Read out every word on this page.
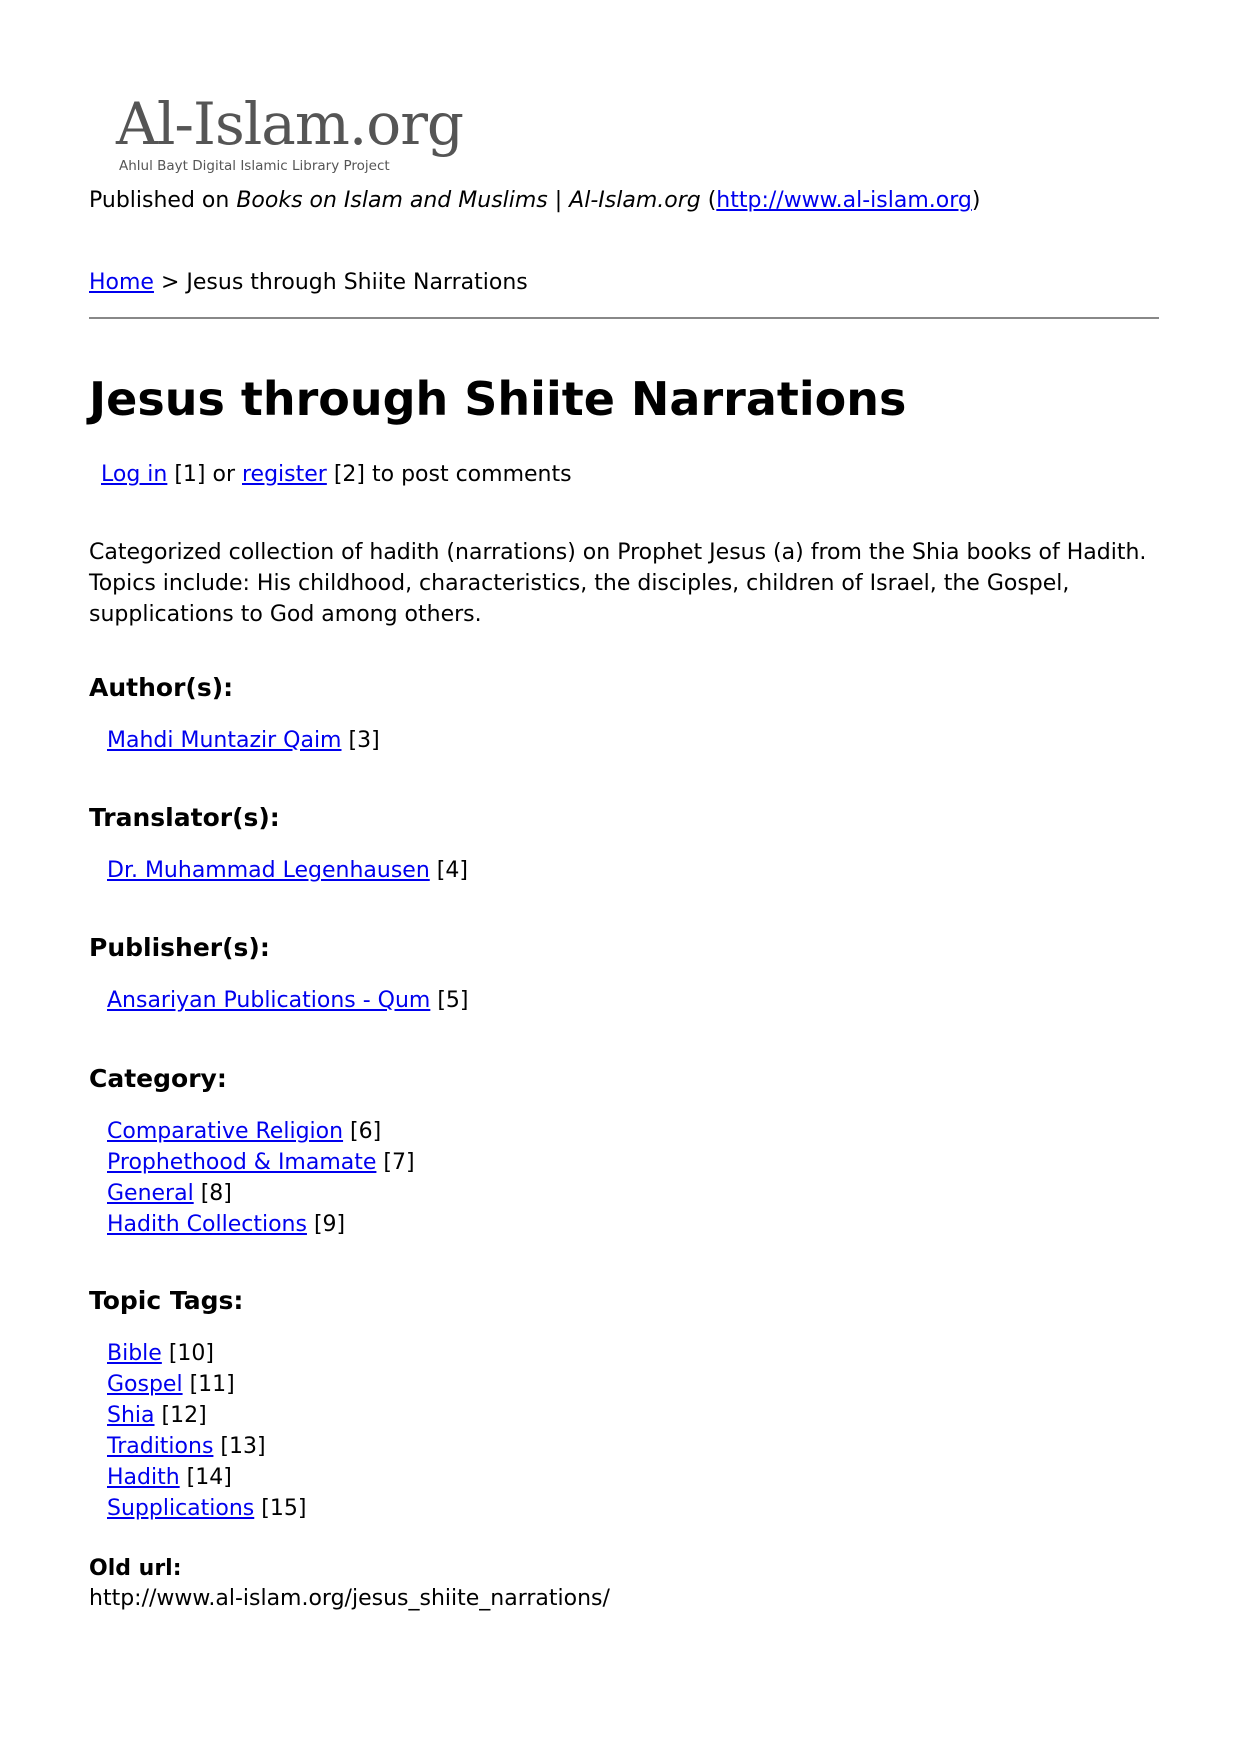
Al-Islam.org
Ahlul Bayt Digital Islamic Library Project
Published on Books on Islam and Muslims | Al-Islam.org (http://www.al-islam.org)
Home > Jesus through Shiite Narrations
Jesus through Shiite Narrations
Log in [1] or register [2] to post comments

Categorized collection of hadith (narrations) on Prophet Jesus (a) from the Shia books of Hadith. Topics include: His childhood, characteristics, the disciples, children of Israel, the Gospel, supplications to God among others.

Author(s):
Mahdi Muntazir Qaim [3]
Translator(s):
Dr. Muhammad Legenhausen [4]
Publisher(s):
Ansariyan Publications - Qum [5]
Category:
Comparative Religion [6]
Prophethood & Imamate [7]
General [8]
Hadith Collections [9]
Topic Tags:
Bible [10]
Gospel [11]
Shia [12]
Traditions [13]
Hadith [14]
Supplications [15]
Old url:
http://www.al-islam.org/jesus_shiite_narrations/
